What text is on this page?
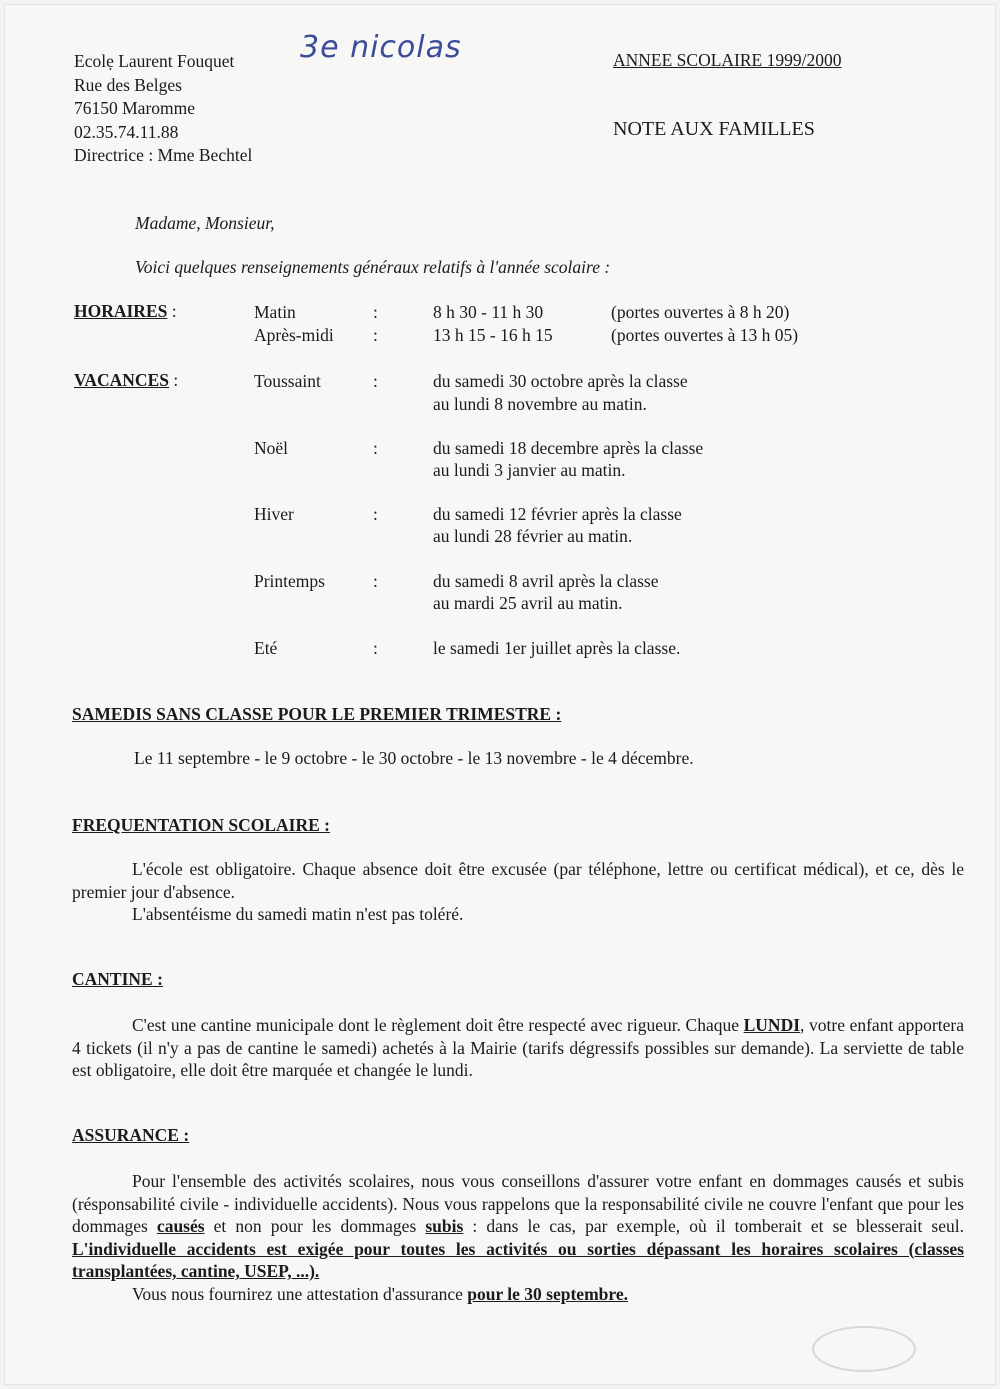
Ecolẹ Laurent Fouquet
Rue des Belges
76150 Maromme
02.35.74.11.88
Directrice : Mme Bechtel
3e nicolas	ANNEE SCOLAIRE 1999/2000
NOTE AUX FAMILLES
Madame, Monsieur,
Voici quelques renseignements généraux relatifs à l'année scolaire :
HORAIRES :	Matin	:	8 h 30 - 11 h 30	(portes ouvertes à 8 h 20)
Après-midi :	13 h 15 - 16 h 15	(portes ouvertes à 13 h 05)
VACANCES :	Toussaint	:	du samedi 30 octobre après la classe
au lundi 8 novembre au matin.
Noël	:	du samedi 18 decembre après la classe
au lundi 3 janvier au matin.
Hiver	:	du samedi 12 février après la classe
au lundi 28 février au matin.
Printemps	:	du samedi 8 avril après la classe
au mardi 25 avril au matin.
Eté	:	le samedi 1er juillet après la classe.
SAMEDIS SANS CLASSE POUR LE PREMIER TRIMESTRE :
Le 11 septembre - le 9 octobre - le 30 octobre - le 13 novembre - le 4 décembre.
FREQUENTATION SCOLAIRE :

L'école est obligatoire. Chaque absence doit être excusée (par téléphone, lettre ou certificat médical), et ce, dès le premier jour d'absence.

L'absentéisme du samedi matin n'est pas toléré.

CANTINE :

C'est une cantine municipale dont le règlement doit être respecté avec rigueur. Chaque LUNDI, votre enfant apportera 4 tickets (il n'y a pas de cantine le samedi) achetés à la Mairie (tarifs dégressifs possibles sur demande). La serviette de table est obligatoire, elle doit être marquée et changée le lundi.

ASSURANCE :

Pour l'ensemble des activités scolaires, nous vous conseillons d'assurer votre enfant en dommages causés et subis (résponsabilité civile - individuelle accidents). Nous vous rappelons que la responsabilité civile ne couvre l'enfant que pour les dommages causés et non pour les dommages subis : dans le cas, par exemple, où il tomberait et se blesserait seul. L'individuelle accidents est exigée pour toutes les activités ou sorties dépassant les horaires scolaires (classes transplantées, cantine, USEP, ...).

Vous nous fournirez une attestation d'assurance pour le 30 septembre.
